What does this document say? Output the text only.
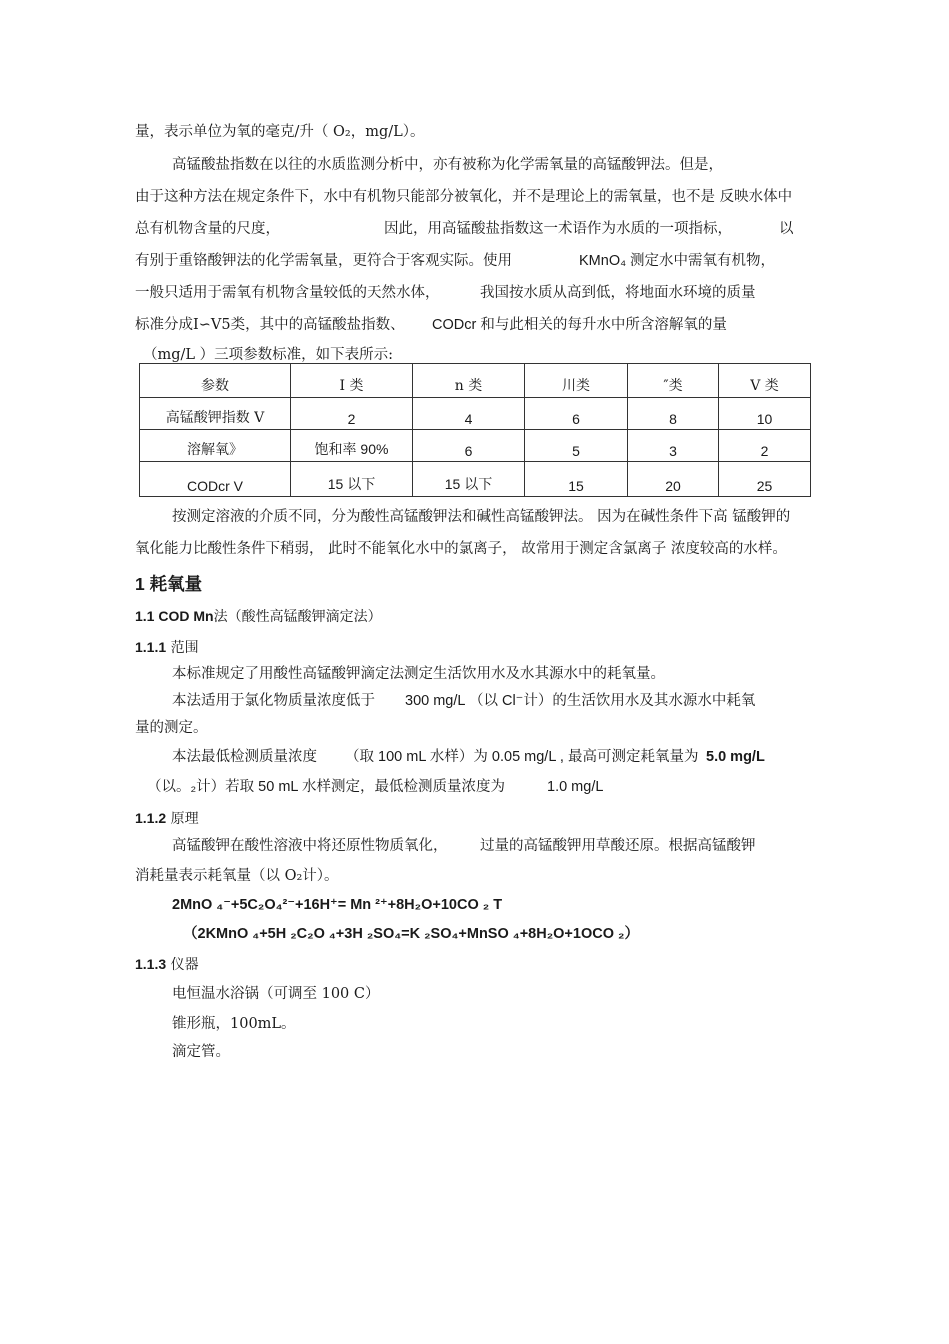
量，表示单位为氧的毫克/升（ O₂，mg/L）。
高锰酸盐指数在以往的水质监测分析中，亦有被称为化学需氧量的高锰酸钾法。但是，
由于这种方法在规定条件下，水中有机物只能部分被氧化，并不是理论上的需氧量，也不是 反映水体中
总有机物含量的尺度，	因此，用高锰酸盐指数这一术语作为水质的一项指标，	以
有别于重铬酸钾法的化学需氧量，更符合于客观实际。使用	KMnO₄ 测定水中需氧有机物，
一般只适用于需氧有机物含量较低的天然水体，	我国按水质从高到低，将地面水环境的质量
标准分成Ⅰ∽Ⅴ5类，其中的高锰酸盐指数、 CODcr 和与此相关的每升水中所含溶解氧的量
（mg/L ）三项参数标准，如下表所示:
参数	I 类	n 类	川类	″类	V 类
高锰酸钾指数 V	2	4	6	8	10
溶解氧》	饱和率 90%	6	5	3	2
CODcr V	15 以下	15 以下	15	20	25
按测定溶液的介质不同，分为酸性高锰酸钾法和碱性高锰酸钾法。 因为在碱性条件下高 锰酸钾的
氧化能力比酸性条件下稍弱， 此时不能氧化水中的氯离子， 故常用于测定含氯离子 浓度较高的水样。
1 耗氧量
1.1 COD Mn法（酸性高锰酸钾滴定法）
1.1.1 范围
本标准规定了用酸性高锰酸钾滴定法测定生活饮用水及水其源水中的耗氧量。
本法适用于氯化物质量浓度低于 300 mg/L （以 Cl⁻计）的生活饮用水及其水源水中耗氧
量的测定。
本法最低检测质量浓度 （取 100 mL 水样）为 0.05 mg/L , 最高可测定耗氧量为 5.0 mg/L
（以。₂计）若取 50 mL 水样测定，最低检测质量浓度为	1.0 mg/L
1.1.2 原理
高锰酸钾在酸性溶液中将还原性物质氧化， 过量的高锰酸钾用草酸还原。根据高锰酸钾
消耗量表示耗氧量（以 O₂计）。
2MnO ₄⁻+5C₂O₄²⁻+16H⁺= Mn ²⁺+8H₂O+10CO ₂ T
（2KMnO ₄+5H ₂C₂O ₄+3H ₂SO₄=K ₂SO₄+MnSO ₄+8H₂O+1OCO ₂）
1.1.3 仪器
电恒温水浴锅（可调至 100 C）
锥形瓶，100mL。
滴定管。
